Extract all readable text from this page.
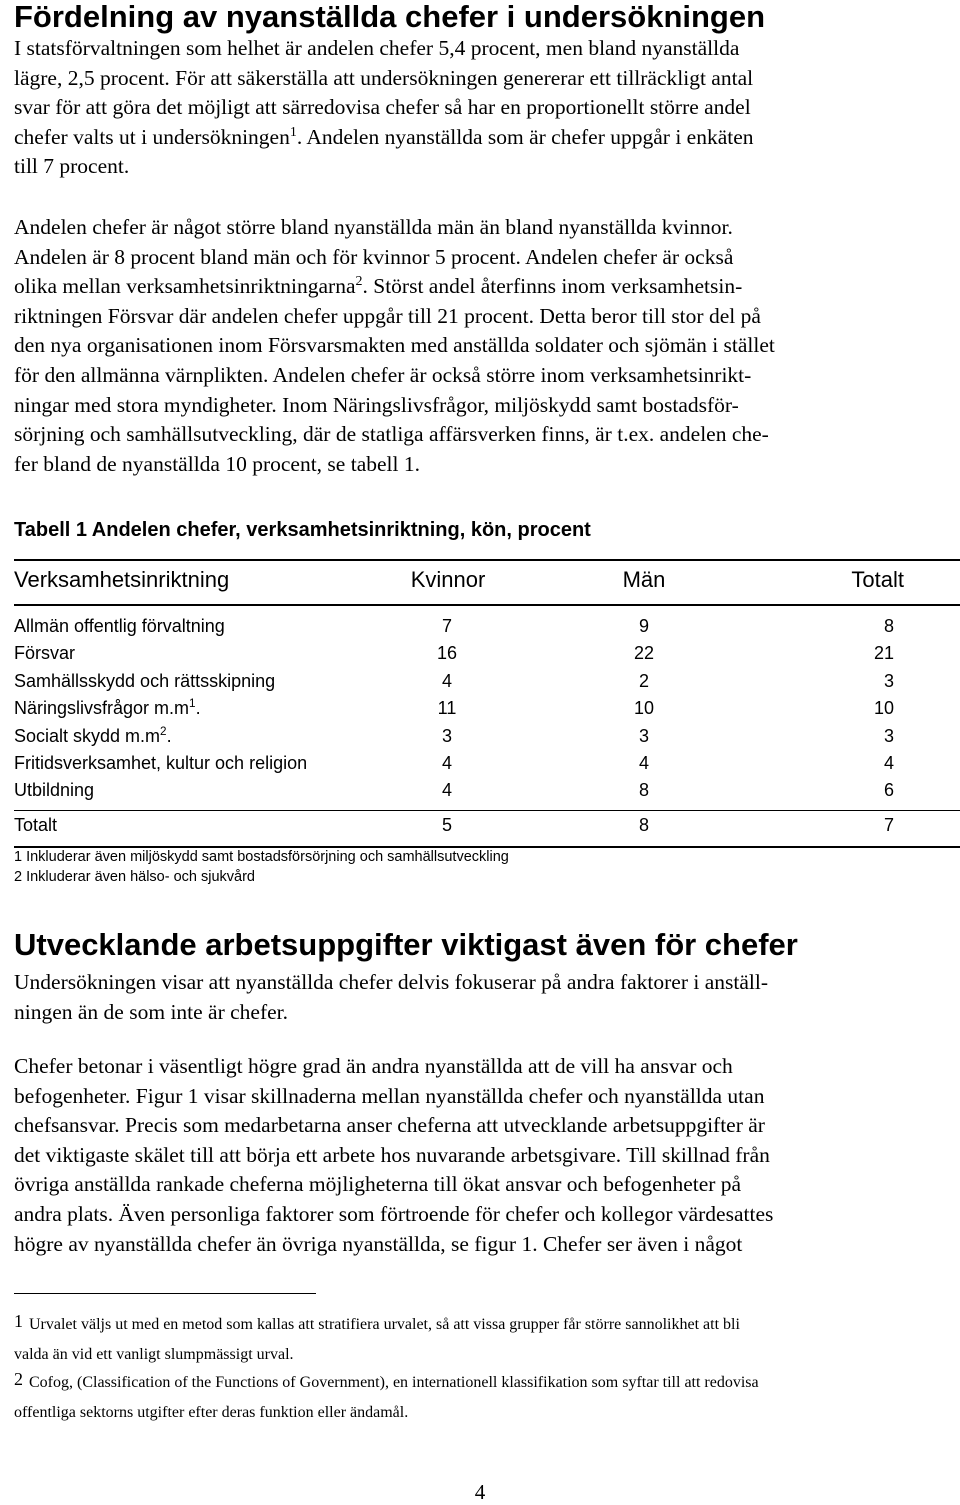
Fördelning av nyanställda chefer i undersökningen
I statsförvaltningen som helhet är andelen chefer 5,4 procent, men bland nyanställda
lägre, 2,5 procent. För att säkerställa att undersökningen genererar ett tillräckligt antal
svar för att göra det möjligt att särredovisa chefer så har en proportionellt större andel
chefer valts ut i undersökningen$^1$. Andelen nyanställda som är chefer uppgår i enkäten
till 7 procent.
Andelen chefer är något större bland nyanställda män än bland nyanställda kvinnor.
Andelen är 8 procent bland män och för kvinnor 5 procent. Andelen chefer är också
olika mellan verksamhetsinriktningarna$^2$. Störst andel återfinns inom verksamhetsin-
riktningen Försvar där andelen chefer uppgår till 21 procent. Detta beror till stor del på
den nya organisationen inom Försvarsmakten med anställda soldater och sjömän i stället
för den allmänna värnplikten. Andelen chefer är också större inom verksamhetsinrikt-
ningar med stora myndigheter. Inom Näringslivsfrågor, miljöskydd samt bostadsför-
sörjning och samhällsutveckling, där de statliga affärsverken finns, är t.ex. andelen che-
fer bland de nyanställda 10 procent, se tabell 1.

Tabell 1 Andelen chefer, verksamhetsinriktning, kön, procent

Verksamhetsinriktning	Kvinnor	Män	Totalt
Allmän offentlig förvaltning	7	9	8
Försvar	16	22	21
Samhällsskydd och rättsskipning	4	2	3
Näringslivsfrågor $m.m^1$.	11	10	10
Socialt skydd $m.m^2$.	3	3	3
Fritidsverksamhet, kultur och religion	4	4	4
Utbildning	4	8	6
Totalt	5	8	7

1 Inkluderar även miljöskydd samt bostadsförsörjning och samhällsutveckling

2 Inkluderar även hälso- och sjukvård

Utvecklande arbetsuppgifter viktigast även för chefer
Undersökningen visar att nyanställda chefer delvis fokuserar på andra faktorer i anställ-
ningen än de som inte är chefer.
Chefer betonar i väsentligt högre grad än andra nyanställda att de vill ha ansvar och
befogenheter. Figur 1 visar skillnaderna mellan nyanställda chefer och nyanställda utan
chefsansvar. Precis som medarbetarna anser cheferna att utvecklande arbetsuppgifter är
det viktigaste skälet till att börja ett arbete hos nuvarande arbetsgivare. Till skillnad från
övriga anställda rankade cheferna möjligheterna till ökat ansvar och befogenheter på
andra plats. Även personliga faktorer som förtroende för chefer och kollegor värdesattes
högre av nyanställda chefer än övriga nyanställda, se figur 1. Chefer ser även i något
1 Urvalet väljs ut med en metod som kallas att stratifiera urvalet, så att vissa grupper får större sannolikhet att bli
valda än vid ett vanligt slumpmässigt urval.
2 Cofog, (Classification of the Functions of Government), en internationell klassifikation som syftar till att redovisa
offentliga sektorns utgifter efter deras funktion eller ändamål.
4
